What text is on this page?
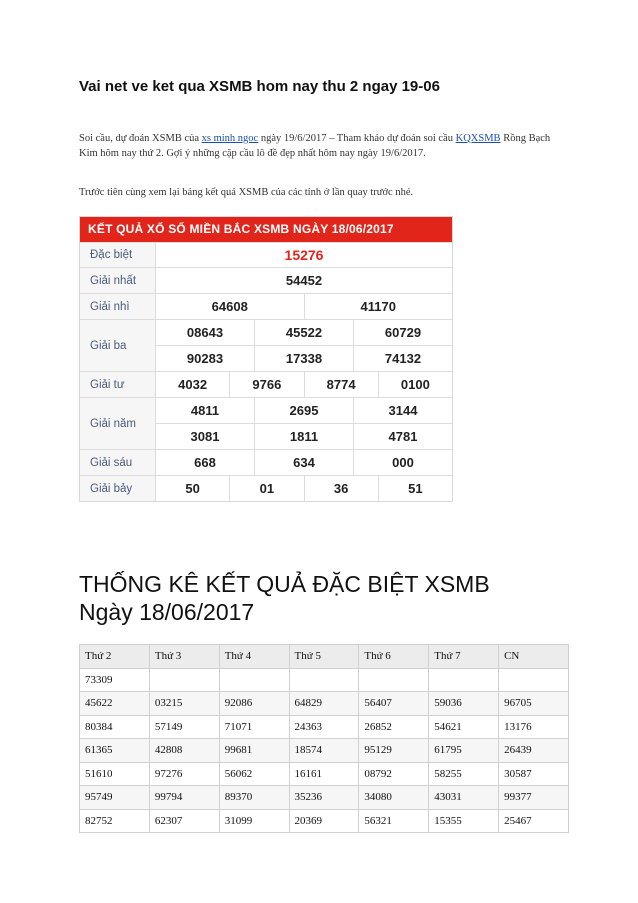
Vai net ve ket qua XSMB hom nay thu 2 ngay 19-06
Soi cầu, dự đoán XSMB của xs minh ngoc ngày 19/6/2017 – Tham khảo dự đoán soi cầu KQXSMB Rồng Bạch Kim hôm nay thứ 2. Gợi ý những cặp cầu lô đề đẹp nhất hôm nay ngày 19/6/2017.
Trước tiên cùng xem lại bảng kết quả XSMB của các tỉnh ở lần quay trước nhé.
KẾT QUẢ XỔ SỐ MIỀN BẮC XSMB NGÀY 18/06/2017
Đặc biệt	15276
Giải nhất	54452
Giải nhì	64608	41170
Giải ba
08643	45522	60729
90283	17338	74132
Giải tư	4032	9766	8774	0100
Giải năm
4811	2695	3144
3081	1811	4781
Giải sáu	668	634	000
Giải bảy	50	01	36	51
THỐNG KÊ KẾT QUẢ ĐẶC BIỆT XSMB
Ngày 18/06/2017
Thứ 2	Thứ 3	Thứ 4	Thứ 5	Thứ 6	Thứ 7	CN
73309						
45622	03215	92086	64829	56407	59036	96705
80384	57149	71071	24363	26852	54621	13176
61365	42808	99681	18574	95129	61795	26439
51610	97276	56062	16161	08792	58255	30587
95749	99794	89370	35236	34080	43031	99377
82752	62307	31099	20369	56321	15355	25467
